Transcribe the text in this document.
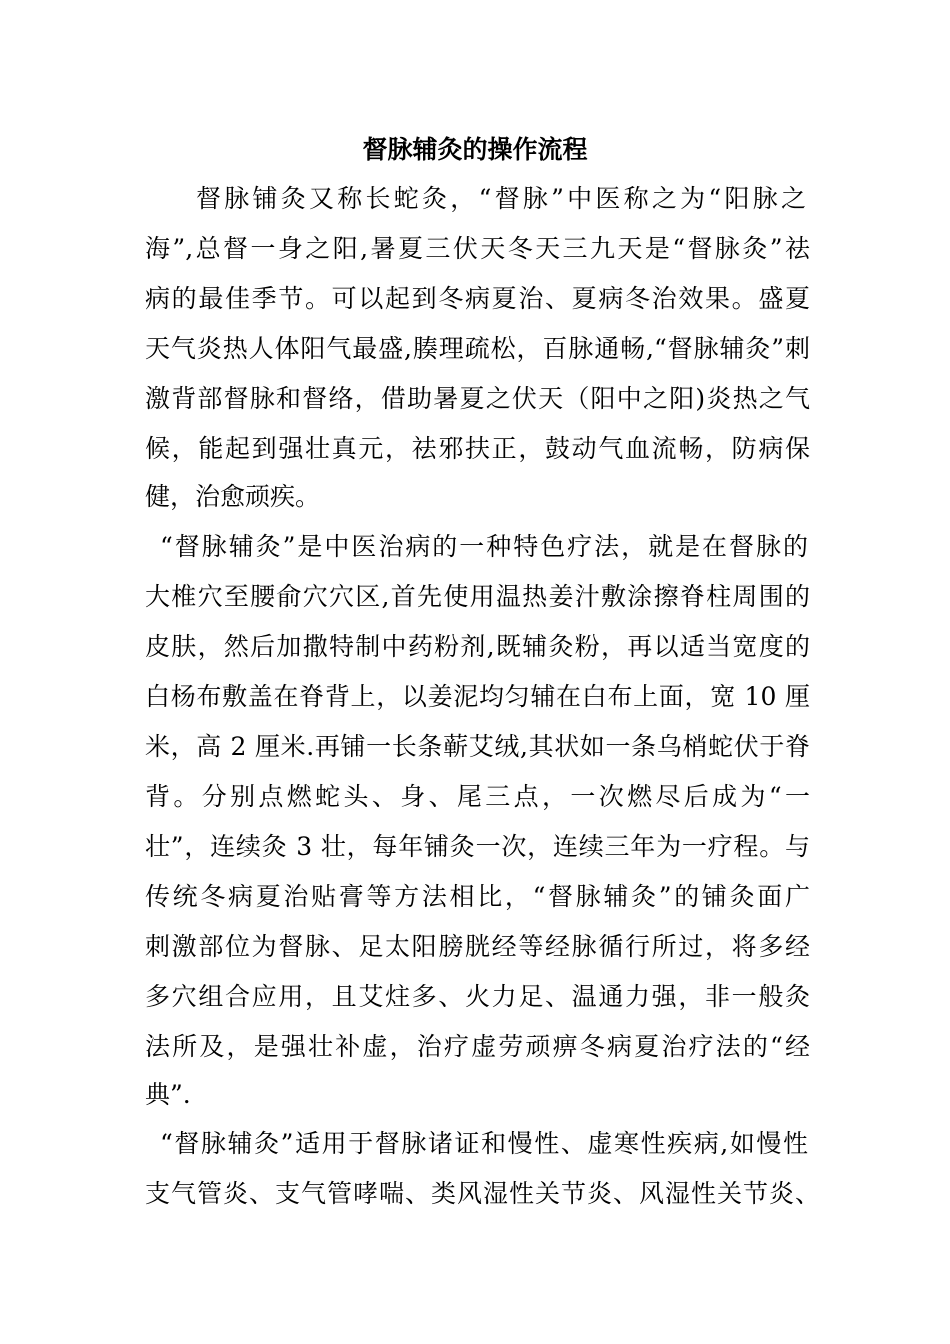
督脉辅灸的操作流程
督脉铺灸又称长蛇灸，“督脉”中医称之为“阳脉之
海”,总督一身之阳,暑夏三伏天冬天三九天是“督脉灸”祛
病的最佳季节。可以起到冬病夏治、夏病冬治效果。盛夏
天气炎热人体阳气最盛,腠理疏松，百脉通畅,“督脉辅灸”刺
激背部督脉和督络，借助暑夏之伏天（阳中之阳)炎热之气
候，能起到强壮真元，祛邪扶正，鼓动气血流畅，防病保
健，治愈顽疾。
“督脉辅灸”是中医治病的一种特色疗法，就是在督脉的
大椎穴至腰俞穴穴区,首先使用温热姜汁敷涂擦脊柱周围的
皮肤，然后加撒特制中药粉剂,既辅灸粉，再以适当宽度的
白杨布敷盖在脊背上，以姜泥均匀辅在白布上面，宽 10 厘
米，高 2 厘米.再铺一长条蕲艾绒,其状如一条乌梢蛇伏于脊
背。分别点燃蛇头、身、尾三点，一次燃尽后成为“一
壮”，连续灸 3 壮，每年铺灸一次，连续三年为一疗程。与
传统冬病夏治贴膏等方法相比，“督脉辅灸”的铺灸面广
刺激部位为督脉、足太阳膀胱经等经脉循行所过，将多经
多穴组合应用，且艾炷多、火力足、温通力强，非一般灸
法所及，是强壮补虚，治疗虚劳顽痹冬病夏治疗法的“经
典”.
“督脉辅灸”适用于督脉诸证和慢性、虚寒性疾病,如慢性
支气管炎、支气管哮喘、类风湿性关节炎、风湿性关节炎、
